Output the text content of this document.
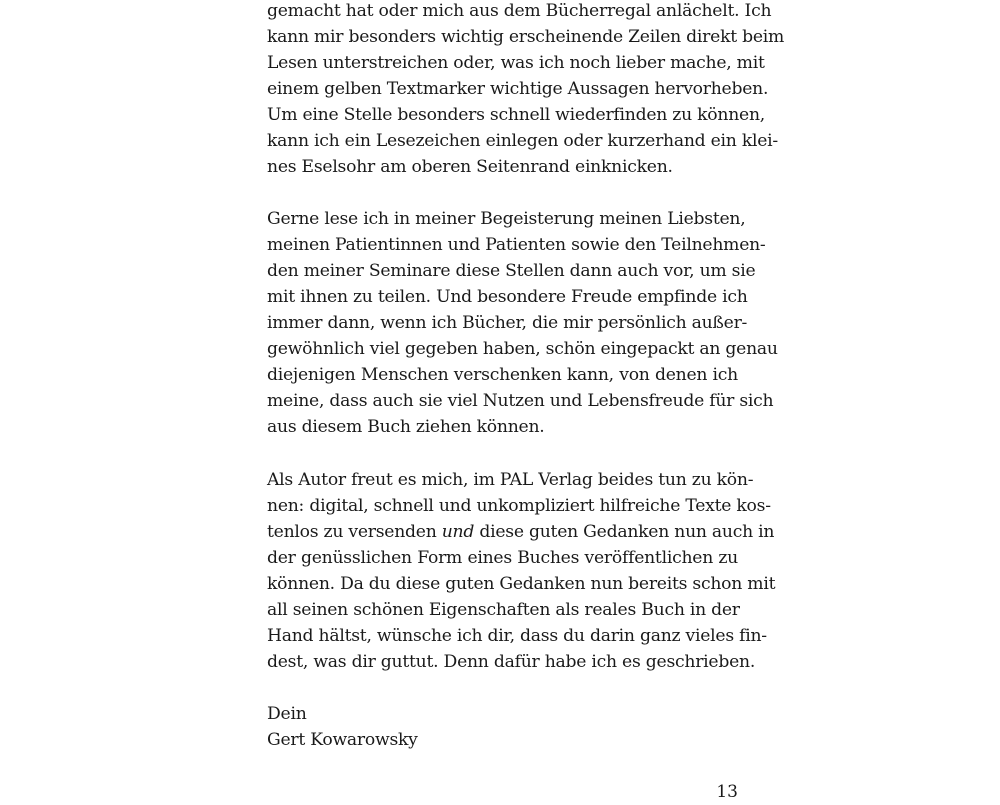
gemacht hat oder mich aus dem Bücherregal anlächelt. Ich
kann mir besonders wichtig erscheinende Zeilen direkt beim
Lesen unterstreichen oder, was ich noch lieber mache, mit
einem gelben Textmarker wichtige Aussagen hervorheben.
Um eine Stelle besonders schnell wiederfinden zu können,
kann ich ein Lesezeichen einlegen oder kurzerhand ein klei-
nes Eselsohr am oberen Seitenrand einknicken.
Gerne lese ich in meiner Begeisterung meinen Liebsten,
meinen Patientinnen und Patienten sowie den Teilnehmen-
den meiner Seminare diese Stellen dann auch vor, um sie
mit ihnen zu teilen. Und besondere Freude empfinde ich
immer dann, wenn ich Bücher, die mir persönlich außer-
gewöhnlich viel gegeben haben, schön eingepackt an genau
diejenigen Menschen verschenken kann, von denen ich
meine, dass auch sie viel Nutzen und Lebensfreude für sich
aus diesem Buch ziehen können.
Als Autor freut es mich, im PAL Verlag beides tun zu kön-
nen: digital, schnell und unkompliziert hilfreiche Texte kos-
tenlos zu versenden und diese guten Gedanken nun auch in
der genüsslichen Form eines Buches veröffentlichen zu
können. Da du diese guten Gedanken nun bereits schon mit
all seinen schönen Eigenschaften als reales Buch in der
Hand hältst, wünsche ich dir, dass du darin ganz vieles fin-
dest, was dir guttut. Denn dafür habe ich es geschrieben.
Dein
Gert Kowarowsky
13
